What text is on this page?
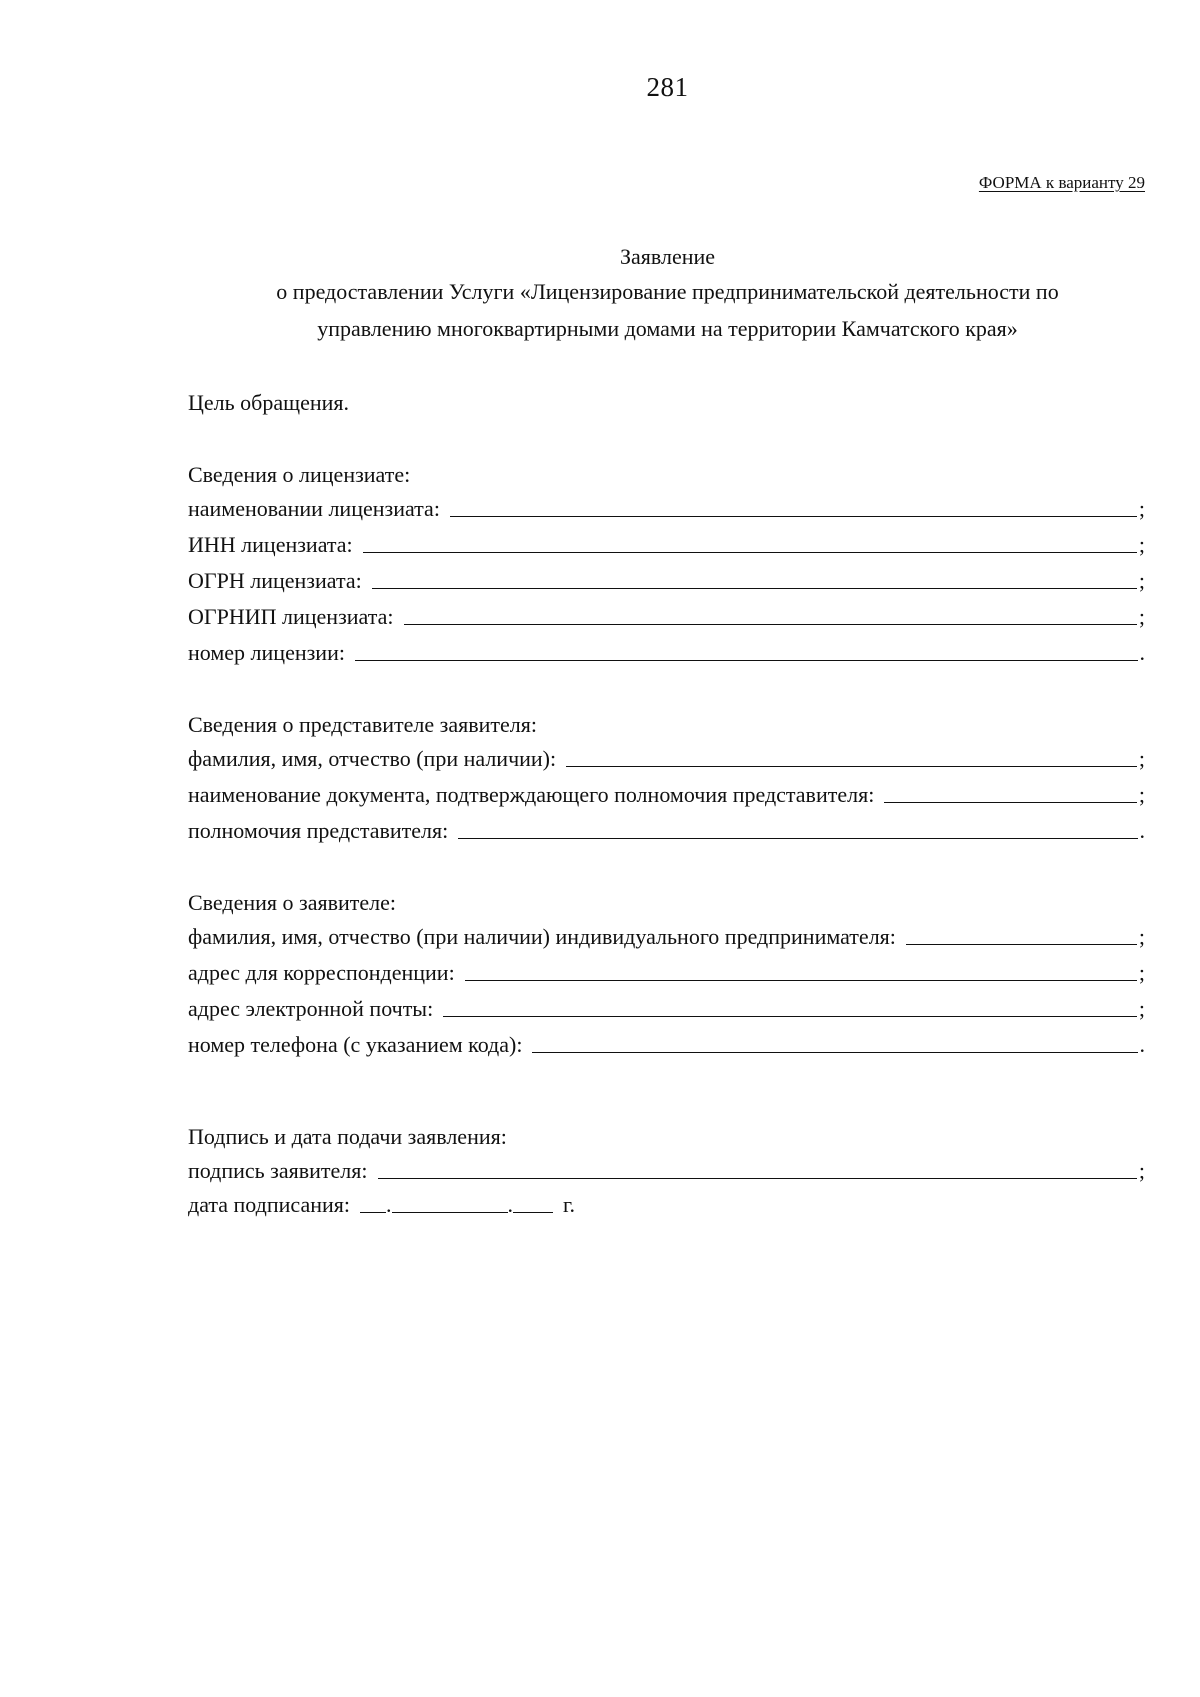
281
ФОРМА к варианту 29
Заявление
о предоставлении Услуги «Лицензирование предпринимательской деятельности по
управлению многоквартирными домами на территории Камчатского края»
Цель обращения.
Сведения о лицензиате:
наименовании лицензиата:	;
ИНН лицензиата:	;
ОГРН лицензиата:	;
ОГРНИП лицензиата:	;
номер лицензии:	.
Сведения о представителе заявителя:
фамилия, имя, отчество (при наличии):	;
наименование документа, подтверждающего полномочия представителя:	;
полномочия представителя:	.
Сведения о заявителе:
фамилия, имя, отчество (при наличии) индивидуального предпринимателя:	;
адрес для корреспонденции:	;
адрес электронной почты:	;
номер телефона (с указанием кода):	.
Подпись и дата подачи заявления:
подпись заявителя:	;
дата подписания:	.	.	г.
